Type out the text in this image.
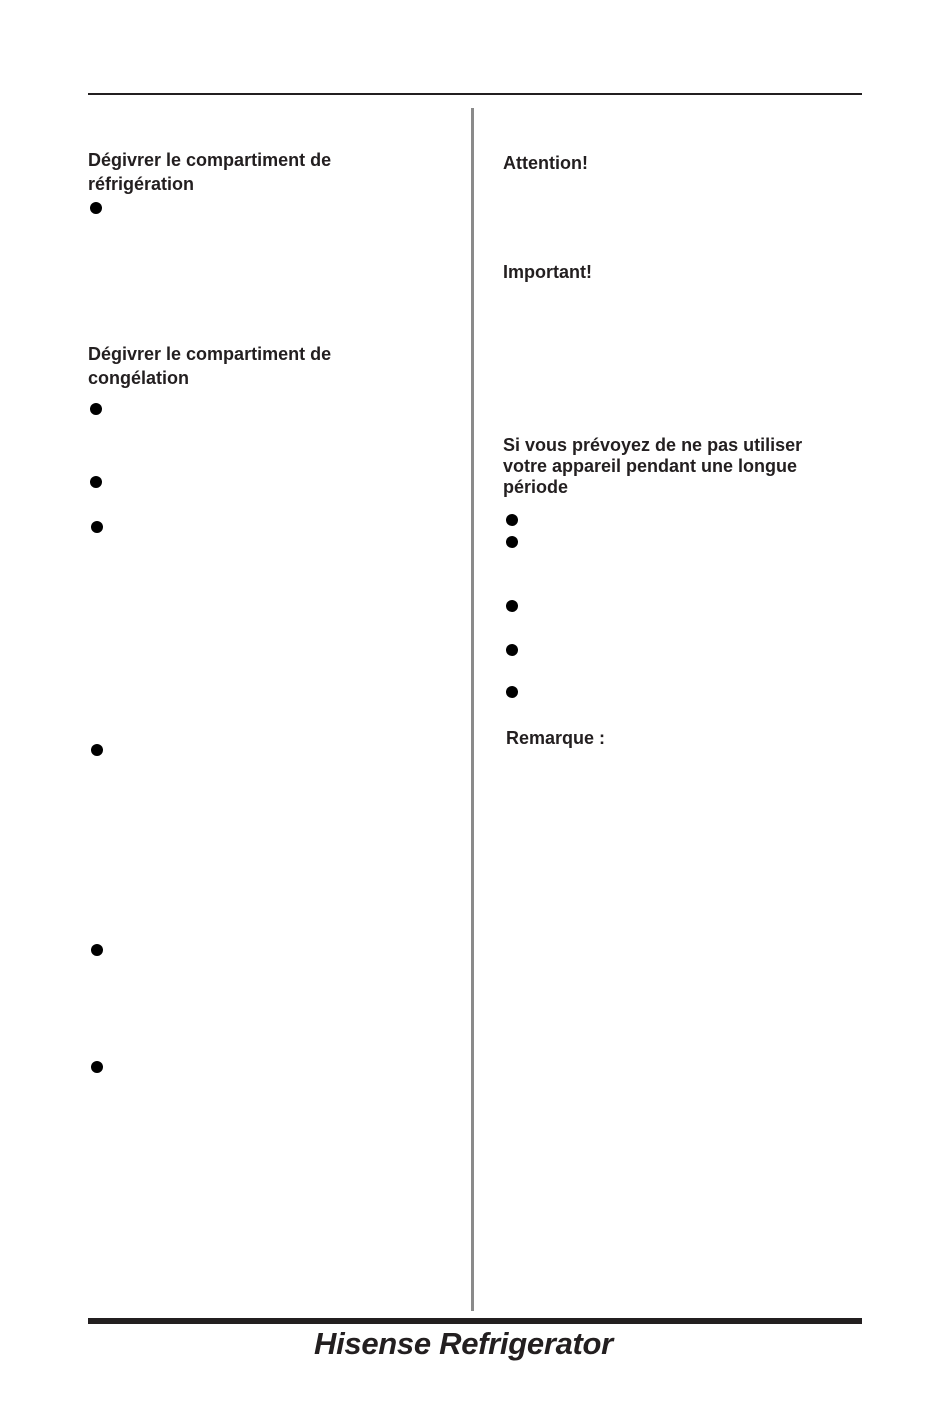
Dégivrer le compartiment de réfrigération
Dégivrer le compartiment de congélation
Attention!
Important!
Si vous prévoyez de ne pas utiliser votre appareil pendant une longue période
Remarque :
Hisense Refrigerator
